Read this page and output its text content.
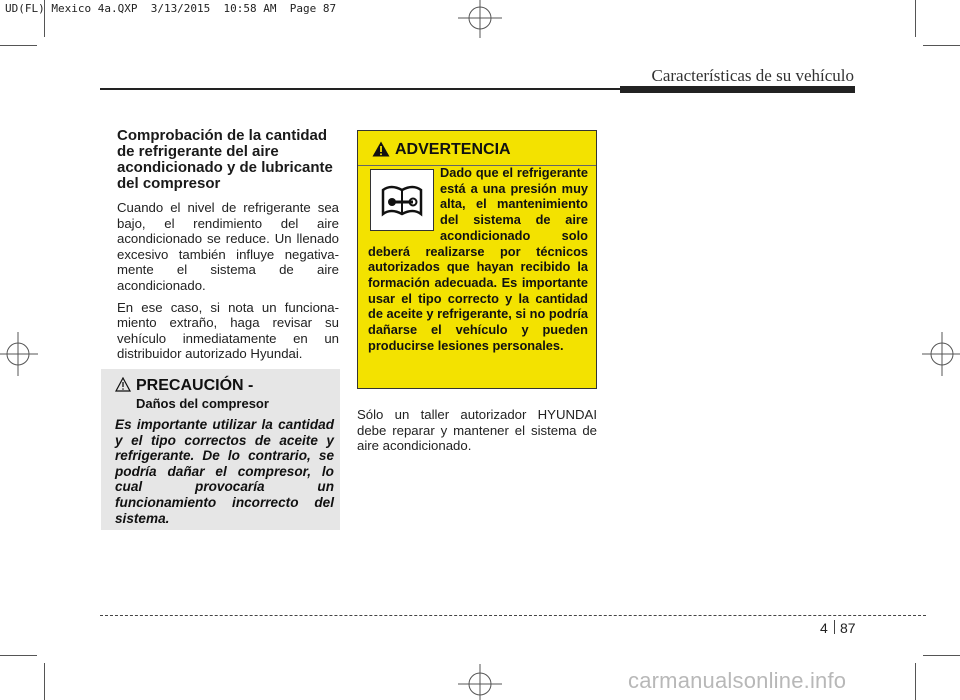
UD(FL) Mexico 4a.QXP  3/13/2015  10:58 AM  Page 87
Características de su vehículo
Comprobación de la cantidad de refrigerante del aire acondicionado y de lubricante del compresor

Cuando el nivel de refrigerante sea bajo, el rendimiento del aire acondicionado se reduce. Un llenado excesivo también influye negativamente el sistema de aire acondicionado.

En ese caso, si nota un funcionamiento extraño, haga revisar su vehículo inmediatamente en un distribuidor autorizado Hyundai.

PRECAUCIÓN -
Daños del compresor

Es importante utilizar la cantidad y el tipo correctos de aceite y refrigerante. De lo contrario, se podría dañar el compresor, lo cual provocaría un funcionamiento incorrecto del sistema.

ADVERTENCIA

Dado que el refrigerante está a una presión muy alta, el mantenimiento del sistema de aire acondicionado solo deberá realizarse por técnicos autorizados que hayan recibido la formación adecuada. Es importante usar el tipo correcto y la cantidad de aceite y refrigerante, si no podría dañarse el vehículo y pueden producirse lesiones personales.

Sólo un taller autorizador HYUNDAI debe reparar y mantener el sistema de aire acondicionado.

4 87
carmanualsonline.info
